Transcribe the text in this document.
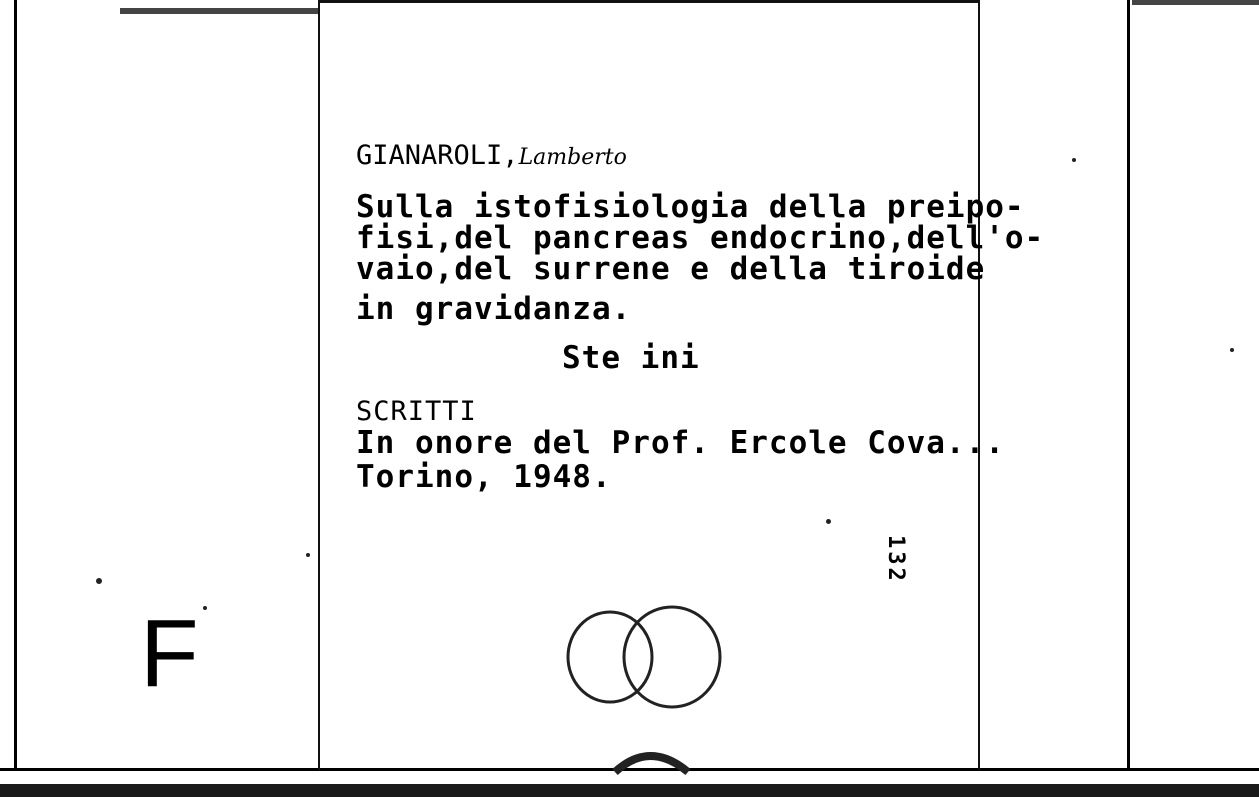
GIANAROLI,Lamberto
Sulla istofisiologia della preipo-
fisi,del pancreas endocrino,dell'o-
vaio,del surrene e della tiroide
in gravidanza.
Ste ini
SCRITTI
In onore del Prof. Ercole Cova...
Torino, 1948.
132
F
